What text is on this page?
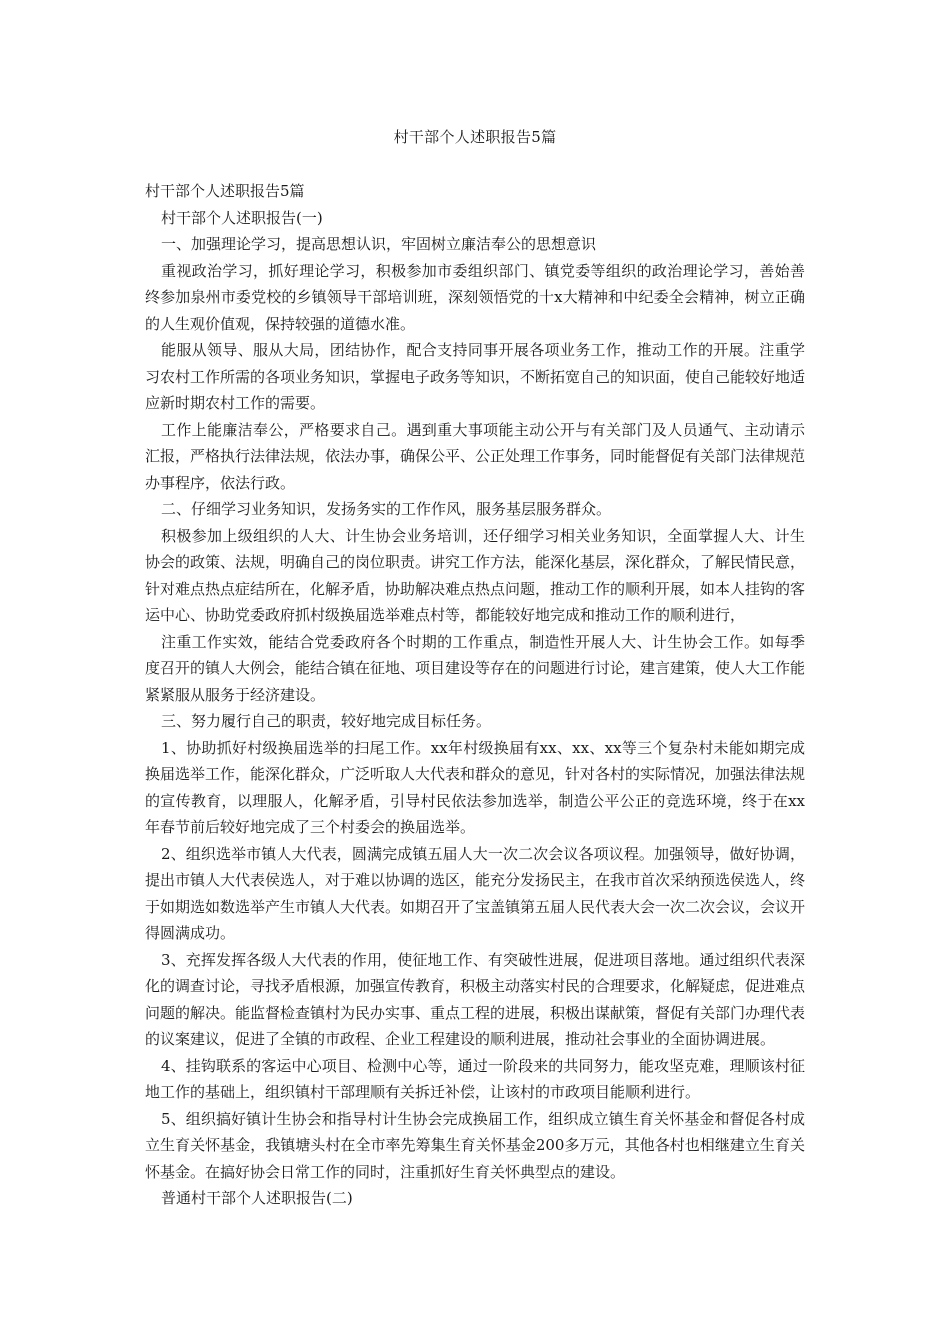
村干部个人述职报告5篇

村干部个人述职报告5篇

村干部个人述职报告(一)

一、加强理论学习，提高思想认识，牢固树立廉洁奉公的思想意识

重视政治学习，抓好理论学习，积极参加市委组织部门、镇党委等组织的政治理论学习，善始善终参加泉州市委党校的乡镇领导干部培训班，深刻领悟党的十x大精神和中纪委全会精神，树立正确的人生观价值观，保持较强的道德水准。

能服从领导、服从大局，团结协作，配合支持同事开展各项业务工作，推动工作的开展。注重学习农村工作所需的各项业务知识，掌握电子政务等知识，不断拓宽自己的知识面，使自己能较好地适应新时期农村工作的需要。

工作上能廉洁奉公，严格要求自己。遇到重大事项能主动公开与有关部门及人员通气、主动请示汇报，严格执行法律法规，依法办事，确保公平、公正处理工作事务，同时能督促有关部门法律规范办事程序，依法行政。

二、仔细学习业务知识，发扬务实的工作作风，服务基层服务群众。

积极参加上级组织的人大、计生协会业务培训，还仔细学习相关业务知识，全面掌握人大、计生协会的政策、法规，明确自己的岗位职责。讲究工作方法，能深化基层，深化群众，了解民情民意，针对难点热点症结所在，化解矛盾，协助解决难点热点问题，推动工作的顺利开展，如本人挂钩的客运中心、协助党委政府抓村级换届选举难点村等，都能较好地完成和推动工作的顺利进行，

注重工作实效，能结合党委政府各个时期的工作重点，制造性开展人大、计生协会工作。如每季度召开的镇人大例会，能结合镇在征地、项目建设等存在的问题进行讨论，建言建策，使人大工作能紧紧服从服务于经济建设。

三、努力履行自己的职责，较好地完成目标任务。

1、协助抓好村级换届选举的扫尾工作。xx年村级换届有xx、xx、xx等三个复杂村未能如期完成换届选举工作，能深化群众，广泛听取人大代表和群众的意见，针对各村的实际情况，加强法律法规的宣传教育，以理服人，化解矛盾，引导村民依法参加选举，制造公平公正的竞选环境，终于在xx年春节前后较好地完成了三个村委会的换届选举。

2、组织选举市镇人大代表，圆满完成镇五届人大一次二次会议各项议程。加强领导，做好协调，提出市镇人大代表侯选人，对于难以协调的选区，能充分发扬民主，在我市首次采纳预选侯选人，终于如期选如数选举产生市镇人大代表。如期召开了宝盖镇第五届人民代表大会一次二次会议，会议开得圆满成功。

3、充挥发挥各级人大代表的作用，使征地工作、有突破性进展，促进项目落地。通过组织代表深化的调查讨论，寻找矛盾根源，加强宣传教育，积极主动落实村民的合理要求，化解疑虑，促进难点问题的解决。能监督检查镇村为民办实事、重点工程的进展，积极出谋献策，督促有关部门办理代表的议案建议，促进了全镇的市政程、企业工程建设的顺利进展，推动社会事业的全面协调进展。

4、挂钩联系的客运中心项目、检测中心等，通过一阶段来的共同努力，能攻坚克难，理顺该村征地工作的基础上，组织镇村干部理顺有关拆迁补偿，让该村的市政项目能顺利进行。

5、组织搞好镇计生协会和指导村计生协会完成换届工作，组织成立镇生育关怀基金和督促各村成立生育关怀基金，我镇塘头村在全市率先筹集生育关怀基金200多万元，其他各村也相继建立生育关怀基金。在搞好协会日常工作的同时，注重抓好生育关怀典型点的建设。

普通村干部个人述职报告(二)
